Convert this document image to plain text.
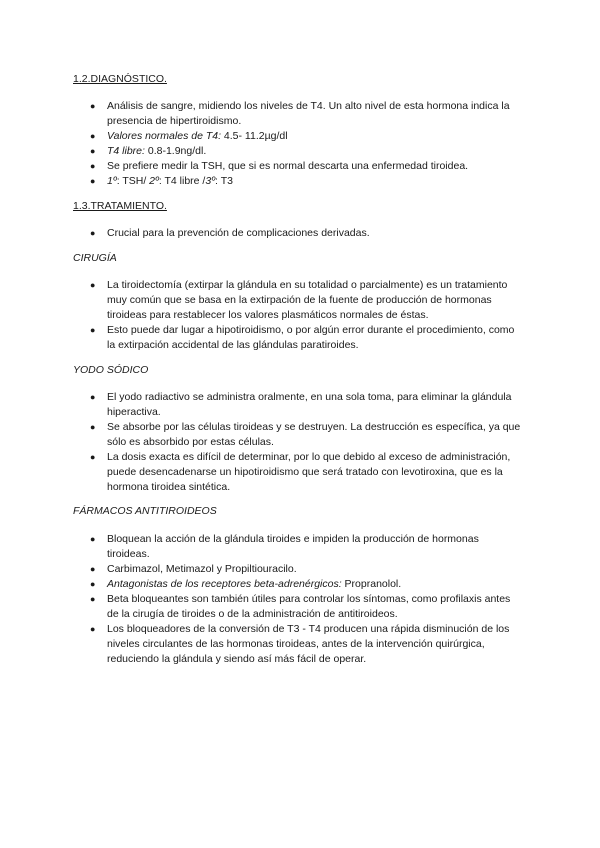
1.2.DIAGNÓSTICO.
● Análisis de sangre, midiendo los niveles de T4. Un alto nivel de esta hormona indica la presencia de hipertiroidismo.
● Valores normales de T4: 4.5- 11.2µg/dl
● T4 libre: 0.8-1.9ng/dl.
● Se prefiere medir la TSH, que si es normal descarta una enfermedad tiroidea.
● 1º: TSH/ 2º: T4 libre /3º: T3
1.3.TRATAMIENTO.
● Crucial para la prevención de complicaciones derivadas.
CIRUGÍA
● La tiroidectomía (extirpar la glándula en su totalidad o parcialmente) es un tratamiento muy común que se basa en la extirpación de la fuente de producción de hormonas tiroideas para restablecer los valores plasmáticos normales de éstas.
● Esto puede dar lugar a hipotiroidismo, o por algún error durante el procedimiento, como la extirpación accidental de las glándulas paratiroides.
YODO SÓDICO
● El yodo radiactivo se administra oralmente, en una sola toma, para eliminar la glándula hiperactiva.
● Se absorbe por las células tiroideas y se destruyen. La destrucción es específica, ya que sólo es absorbido por estas células.
● La dosis exacta es difícil de determinar, por lo que debido al exceso de administración, puede desencadenarse un hipotiroidismo que será tratado con levotiroxina, que es la hormona tiroidea sintética.
FÁRMACOS ANTITIROIDEOS
● Bloquean la acción de la glándula tiroides e impiden la producción de hormonas tiroideas.
● Carbimazol, Metimazol y Propiltiouracilo.
● Antagonistas de los receptores beta-adrenérgicos: Propranolol.
● Beta bloqueantes son también útiles para controlar los síntomas, como profilaxis antes de la cirugía de tiroides o de la administración de antitiroideos.
● Los bloqueadores de la conversión de T3 - T4 producen una rápida disminución de los niveles circulantes de las hormonas tiroideas, antes de la intervención quirúrgica, reduciendo la glándula y siendo así más fácil de operar.
